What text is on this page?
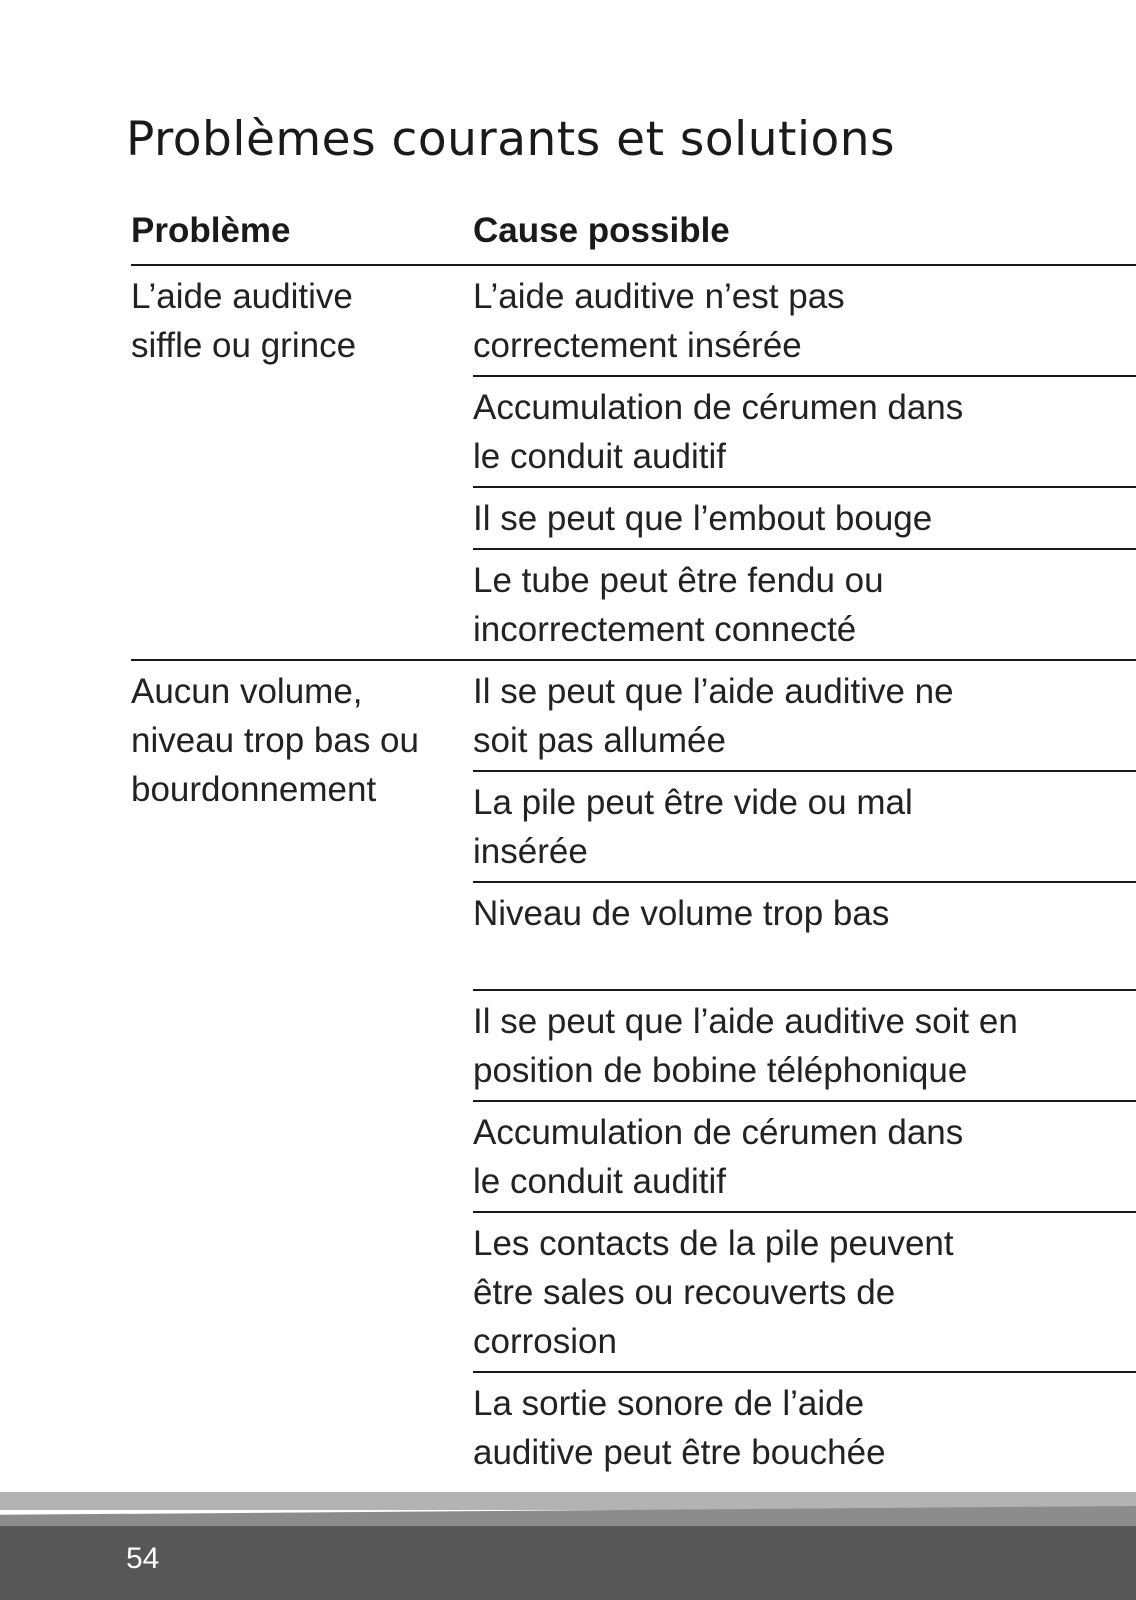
Problèmes courants et solutions
Problème	Cause possible
L’aide auditive
siffle ou grince
L’aide auditive n’est pas
correctement insérée
Accumulation de cérumen dans
le conduit auditif
Il se peut que l’embout bouge
Le tube peut être fendu ou
incorrectement connecté
Aucun volume,
niveau trop bas ou
bourdonnement
Il se peut que l’aide auditive ne
soit pas allumée
La pile peut être vide ou mal
insérée
Niveau de volume trop bas
Il se peut que l’aide auditive soit en
position de bobine téléphonique
Accumulation de cérumen dans
le conduit auditif
Les contacts de la pile peuvent
être sales ou recouverts de
corrosion
La sortie sonore de l’aide
auditive peut être bouchée
54
